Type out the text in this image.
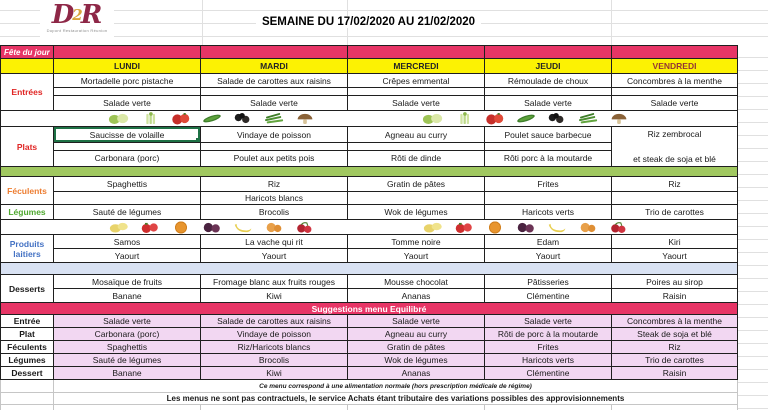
D2R
Dupont Restauration Réunion
SEMAINE DU 17/02/2020 AU 21/02/2020
Fête du jour					
	LUNDI	MARDI	MERCREDI	JEUDI	VENDREDI
Entrées	Mortadelle porc pistache	Salade de carottes aux raisins	Crêpes emmental	Rémoulade de choux	Concombres à la menthe

	Salade verte	Salade verte	Salade verte	Salade verte	Salade verte

Plats	Saucisse de volaille	Vindaye de poisson	Agneau au curry	Poulet sauce barbecue	Riz zembrocal
et steak de soja et blé

	Carbonara (porc)	Poulet aux petits pois	Rôti de dinde	Rôti porc à la moutarde	

Féculents	Spaghettis	Riz	Gratin de pâtes	Frites	Riz
		Haricots blancs			
Légumes	Sauté de légumes	Brocolis	Wok de légumes	Haricots verts	Trio de carottes

Produits
laitiers	Samos	La vache qui rit	Tomme noire	Edam	Kiri
	Yaourt	Yaourt	Yaourt	Yaourt	Yaourt

Desserts	Mosaïque de fruits	Fromage blanc aux fruits rouges	Mousse chocolat	Pâtisseries	Poires au sirop
	Banane	Kiwi	Ananas	Clémentine	Raisin
Suggestions menu Equilibré					
Entrée	Salade verte	Salade de carottes aux raisins	Salade verte	Salade verte	Concombres à la menthe
Plat	Carbonara (porc)	Vindaye de poisson	Agneau au curry	Rôti de porc à la moutarde	Steak de soja et blé
Féculents	Spaghettis	Riz/Haricots blancs	Gratin de pâtes	Frites	Riz
Légumes	Sauté de légumes	Brocolis	Wok de légumes	Haricots verts	Trio de carottes
Dessert	Banane	Kiwi	Ananas	Clémentine	Raisin
	Ce menu correspond à une alimentation normale (hors prescription médicale de régime)				
	Les menus ne sont pas contractuels, le service Achats étant tributaire des variations possibles des approvisionnements				
